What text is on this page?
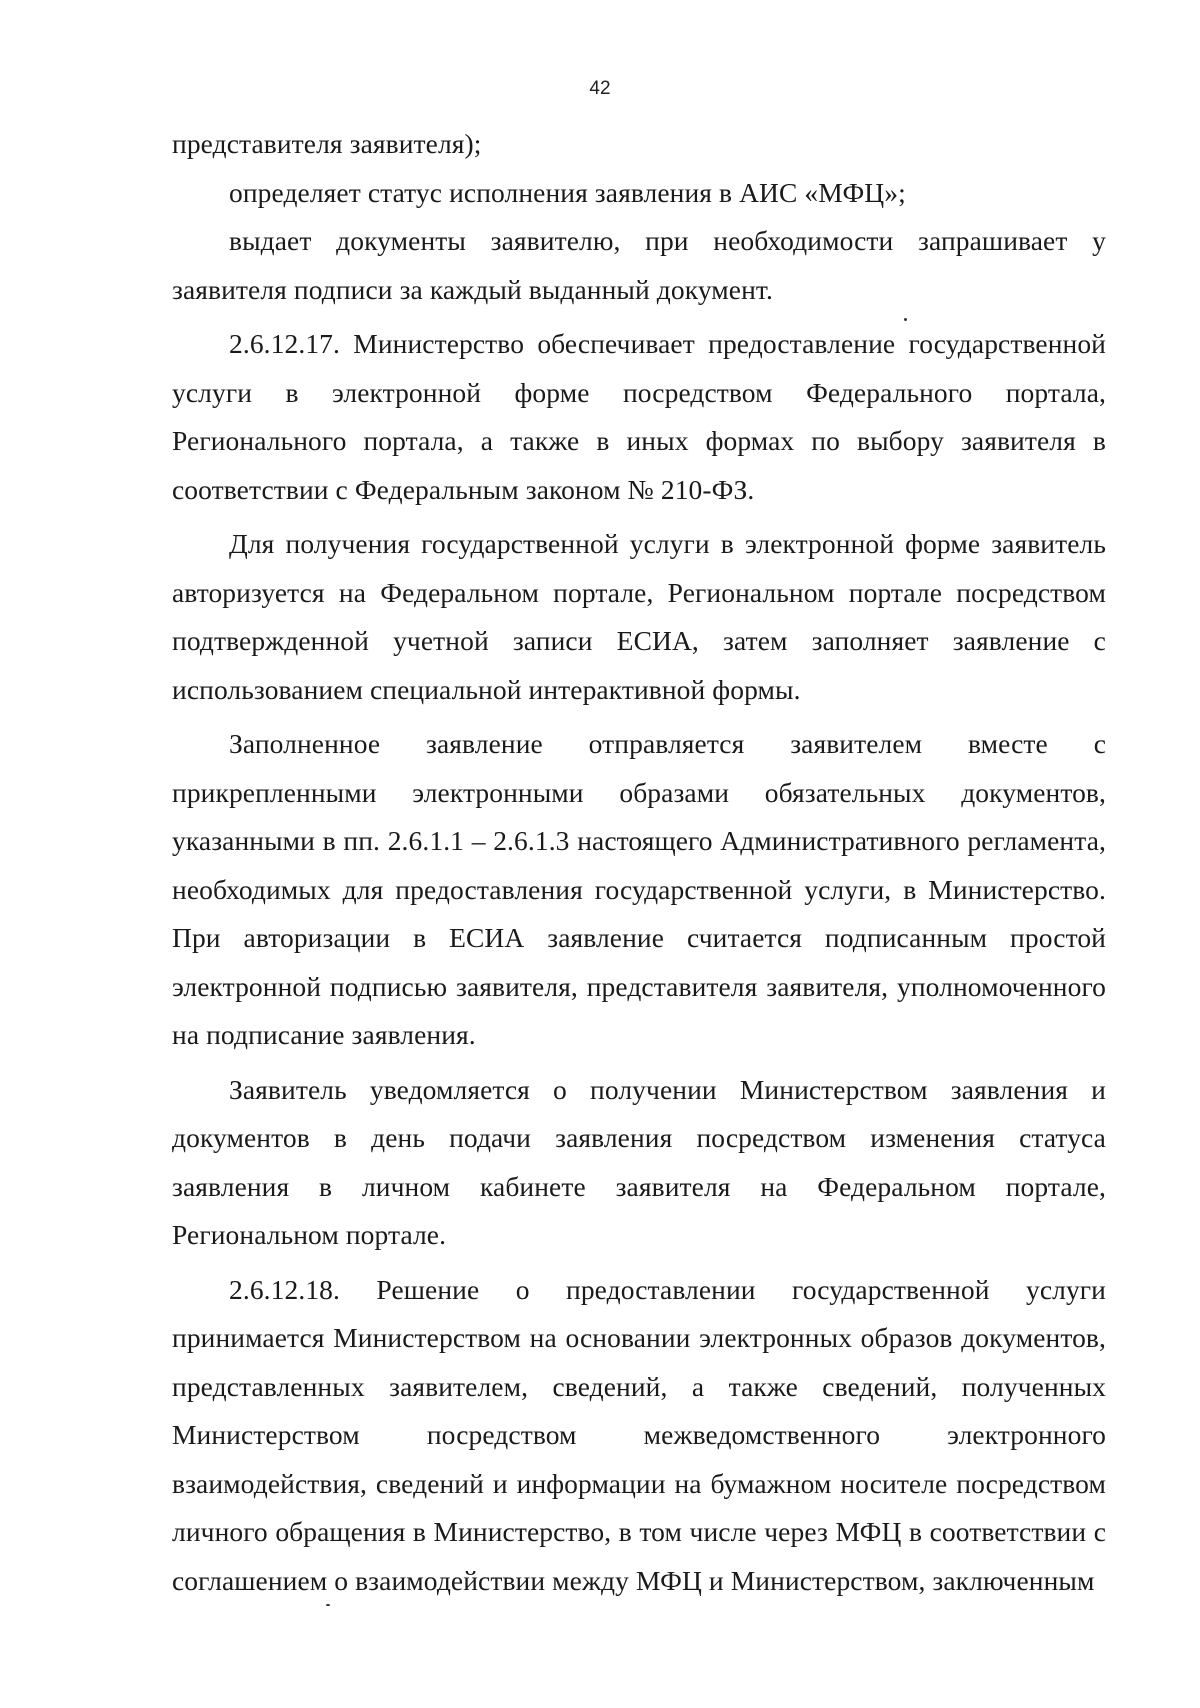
42

представителя заявителя);

определяет статус исполнения заявления в АИС «МФЦ»;

выдает документы заявителю, при необходимости запрашивает у заявителя подписи за каждый выданный документ.

2.6.12.17. Министерство обеспечивает предоставление государственной услуги в электронной форме посредством Федерального портала, Регионального портала, а также в иных формах по выбору заявителя в соответствии с Федеральным законом № 210-ФЗ.

Для получения государственной услуги в электронной форме заявитель авторизуется на Федеральном портале, Региональном портале посредством подтвержденной учетной записи ЕСИА, затем заполняет заявление с использованием специальной интерактивной формы.

Заполненное заявление отправляется заявителем вместе с прикрепленными электронными образами обязательных документов, указанными в пп. 2.6.1.1 – 2.6.1.3 настоящего Административного регламента, необходимых для предоставления государственной услуги, в Министерство. При авторизации в ЕСИА заявление считается подписанным простой электронной подписью заявителя, представителя заявителя, уполномоченного на подписание заявления.

Заявитель уведомляется о получении Министерством заявления и документов в день подачи заявления посредством изменения статуса заявления в личном кабинете заявителя на Федеральном портале, Региональном портале.

2.6.12.18. Решение о предоставлении государственной услуги принимается Министерством на основании электронных образов документов, представленных заявителем, сведений, а также сведений, полученных Министерством посредством межведомственного электронного взаимодействия, сведений и информации на бумажном носителе посредством личного обращения в Министерство, в том числе через МФЦ в соответствии с соглашением о взаимодействии между МФЦ и Министерством, заключенным
